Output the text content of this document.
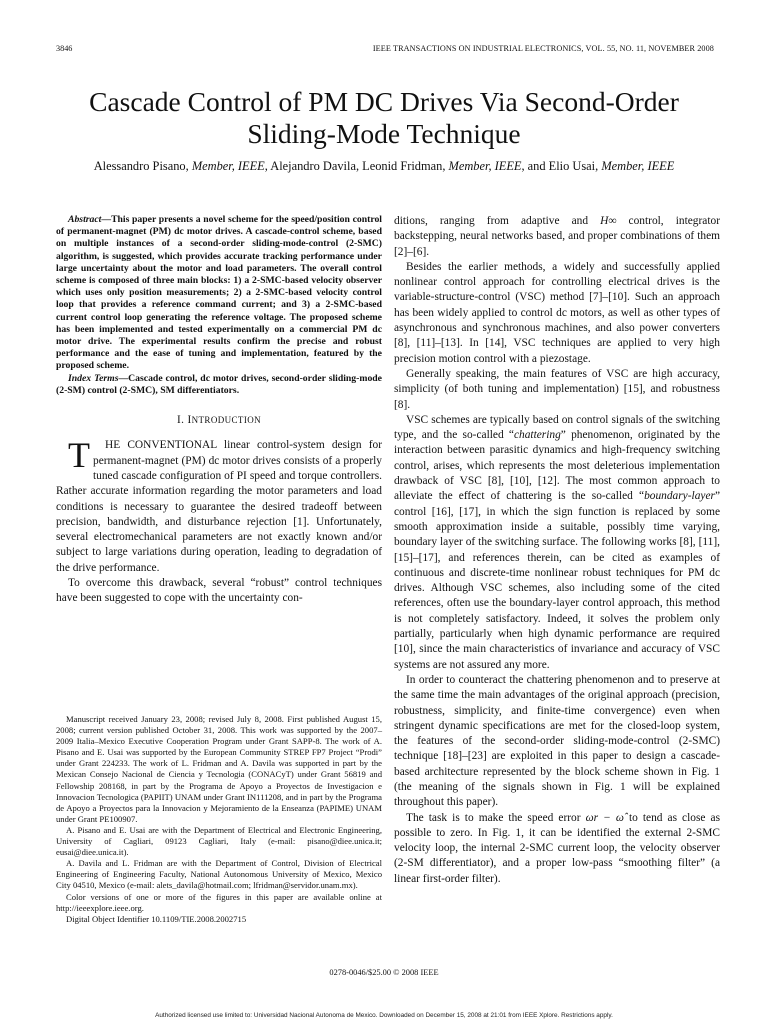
3846	IEEE TRANSACTIONS ON INDUSTRIAL ELECTRONICS, VOL. 55, NO. 11, NOVEMBER 2008
Cascade Control of PM DC Drives Via Second-Order
Sliding-Mode Technique
Alessandro Pisano, Member, IEEE, Alejandro Davila, Leonid Fridman, Member, IEEE, and Elio Usai, Member, IEEE

Abstract—This paper presents a novel scheme for the speed/position control of permanent-magnet (PM) dc motor drives. A cascade-control scheme, based on multiple instances of a second-order sliding-mode-control (2-SMC) algorithm, is suggested, which provides accurate tracking performance under large uncertainty about the motor and load parameters. The overall control scheme is composed of three main blocks: 1) a 2-SMC-based velocity observer which uses only position measurements; 2) a 2-SMC-based velocity control loop that provides a reference command current; and 3) a 2-SMC-based current control loop generating the reference voltage. The proposed scheme has been implemented and tested experimentally on a commercial PM dc motor drive. The experimental results confirm the precise and robust performance and the ease of tuning and implementation, featured by the proposed scheme.

Index Terms—Cascade control, dc motor drives, second-order sliding-mode (2-SM) control (2-SMC), SM differentiators.

I. INTRODUCTION

T HE CONVENTIONAL linear control-system design for permanent-magnet (PM) dc motor drives consists of a properly tuned cascade configuration of PI speed and torque controllers. Rather accurate information regarding the motor parameters and load conditions is necessary to guarantee the desired tradeoff between precision, bandwidth, and disturbance rejection [1]. Unfortunately, several electromechanical parameters are not exactly known and/or subject to large variations during operation, leading to degradation of the drive performance.

To overcome this drawback, several “robust” control techniques have been suggested to cope with the uncertainty con-

Manuscript received January 23, 2008; revised July 8, 2008. First published August 15, 2008; current version published October 31, 2008. This work was supported by the 2007–2009 Italia–Mexico Executive Cooperation Program under Grant SAPP-8. The work of A. Pisano and E. Usai was supported by the European Community STREP FP7 Project “Prodi” under Grant 224233. The work of L. Fridman and A. Davila was supported in part by the Mexican Consejo Nacional de Ciencia y Tecnologia (CONACyT) under Grant 56819 and Fellowship 208168, in part by the Programa de Apoyo a Proyectos de Investigacion e Innovacion Tecnologica (PAPIIT) UNAM under Grant IN111208, and in part by the Programa de Apoyo a Proyectos para la Innovacion y Mejoramiento de la Enseanza (PAPIME) UNAM under Grant PE100907.

A. Pisano and E. Usai are with the Department of Electrical and Electronic Engineering, University of Cagliari, 09123 Cagliari, Italy (e-mail: pisano@diee.unica.it; eusai@diee.unica.it).

A. Davila and L. Fridman are with the Department of Control, Division of Electrical Engineering of Engineering Faculty, National Autonomous University of Mexico, Mexico City 04510, Mexico (e-mail: alets_davila@hotmail.com; lfridman@servidor.unam.mx).

Color versions of one or more of the figures in this paper are available online at http://ieeexplore.ieee.org.

Digital Object Identifier 10.1109/TIE.2008.2002715

ditions, ranging from adaptive and H∞ control, integrator backstepping, neural networks based, and proper combinations of them [2]–[6].

Besides the earlier methods, a widely and successfully applied nonlinear control approach for controlling electrical drives is the variable-structure-control (VSC) method [7]–[10]. Such an approach has been widely applied to control dc motors, as well as other types of asynchronous and synchronous machines, and also power converters [8], [11]–[13]. In [14], VSC techniques are applied to very high precision motion control with a piezostage.

Generally speaking, the main features of VSC are high accuracy, simplicity (of both tuning and implementation) [15], and robustness [8].

VSC schemes are typically based on control signals of the switching type, and the so-called “chattering” phenomenon, originated by the interaction between parasitic dynamics and high-frequency switching control, arises, which represents the most deleterious implementation drawback of VSC [8], [10], [12]. The most common approach to alleviate the effect of chattering is the so-called “boundary-layer” control [16], [17], in which the sign function is replaced by some smooth approximation inside a suitable, possibly time varying, boundary layer of the switching surface. The following works [8], [11], [15]–[17], and references therein, can be cited as examples of continuous and discrete-time nonlinear robust techniques for PM dc drives. Although VSC schemes, also including some of the cited references, often use the boundary-layer control approach, this method is not completely satisfactory. Indeed, it solves the problem only partially, particularly when high dynamic performance are required [10], since the main characteristics of invariance and accuracy of VSC systems are not assured any more.

In order to counteract the chattering phenomenon and to preserve at the same time the main advantages of the original approach (precision, robustness, simplicity, and finite-time convergence) even when stringent dynamic specifications are met for the closed-loop system, the features of the second-order sliding-mode-control (2-SMC) technique [18]–[23] are exploited in this paper to design a cascade-based architecture represented by the block scheme shown in Fig. 1 (the meaning of the signals shown in Fig. 1 will be explained throughout this paper).

The task is to make the speed error ωr − ω̂ to tend as close as possible to zero. In Fig. 1, it can be identified the external 2-SMC velocity loop, the internal 2-SMC current loop, the velocity observer (2-SM differentiator), and a proper low-pass “smoothing filter” (a linear first-order filter).

0278-0046/$25.00 © 2008 IEEE
Authorized licensed use limited to: Universidad Nacional Autonoma de Mexico. Downloaded on December 15, 2008 at 21:01 from IEEE Xplore. Restrictions apply.
